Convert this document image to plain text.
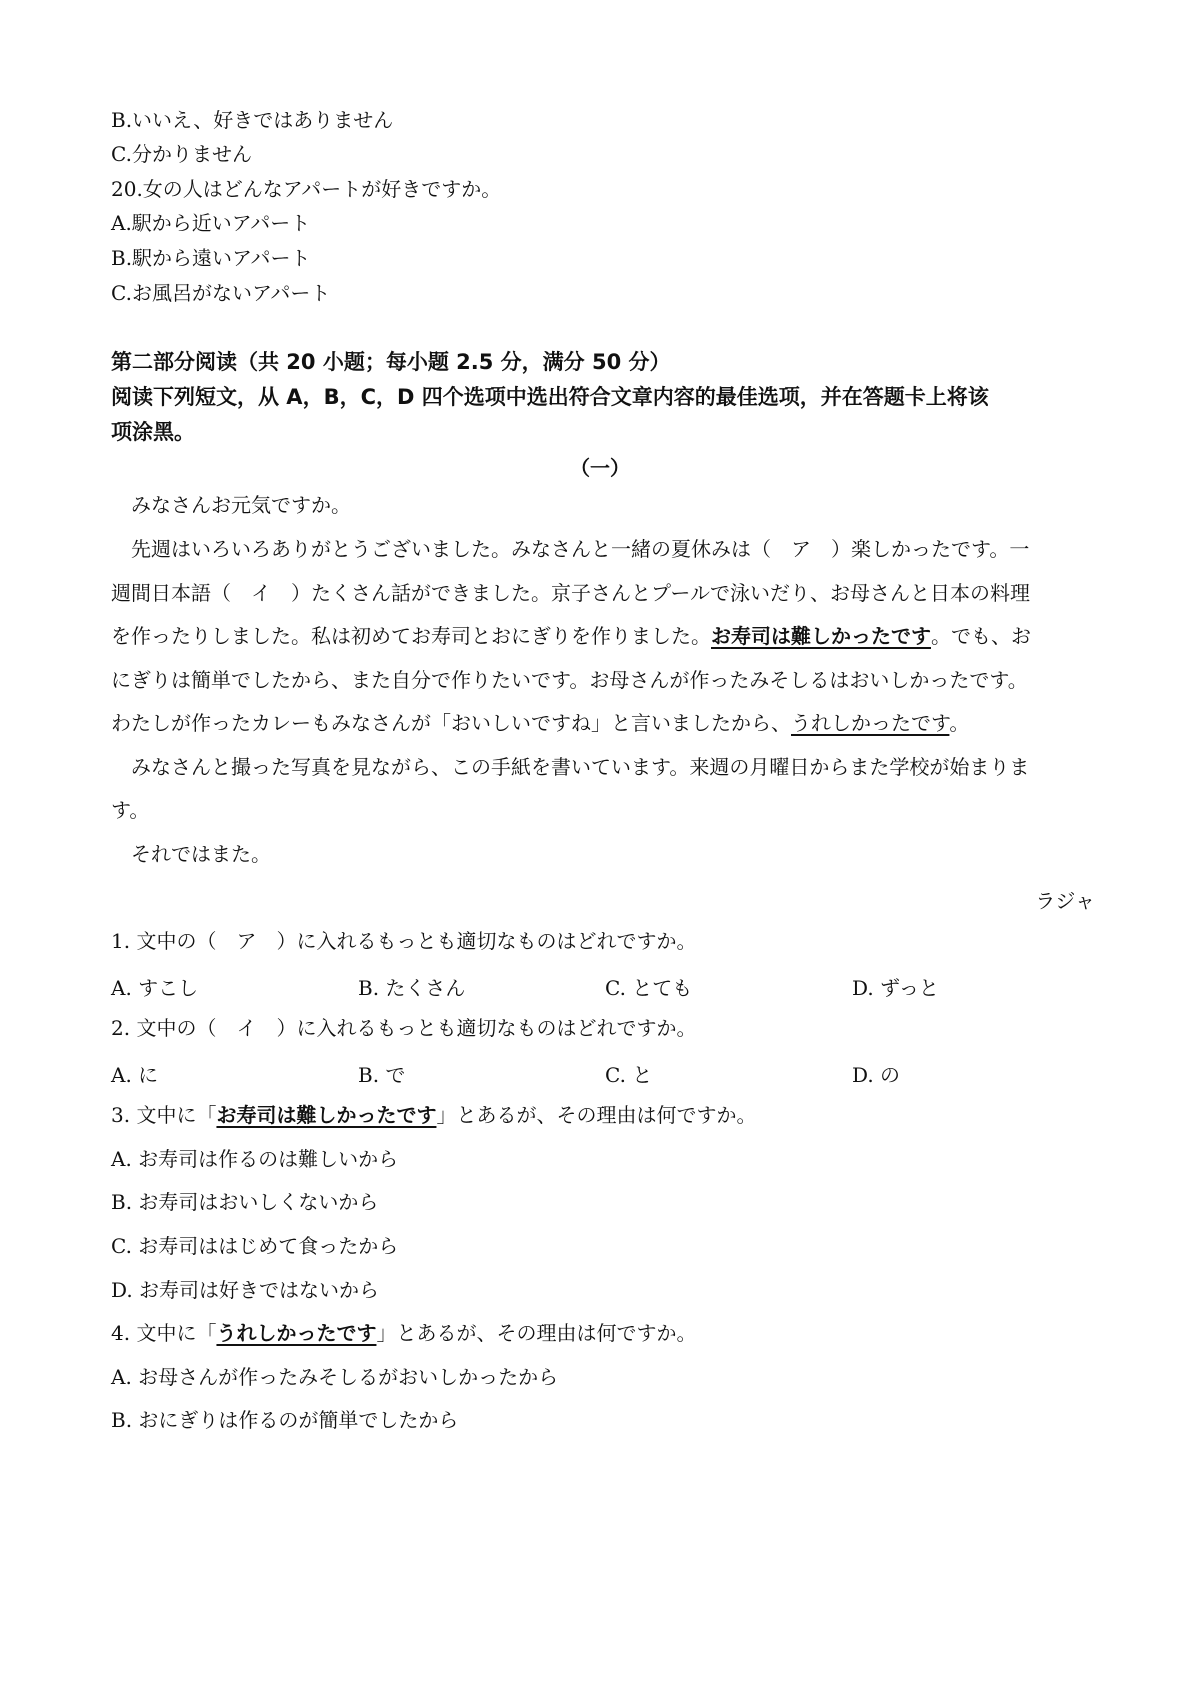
B.いいえ、好きではありません
C.分かりません
20.女の人はどんなアパートが好きですか。
A.駅から近いアパート
B.駅から遠いアパート
C.お風呂がないアパート
第二部分阅读（共 20 小题；每小题 2.5 分，满分 50 分）
阅读下列短文，从 A，B，C，D 四个选项中选出符合文章内容的最佳选项，并在答题卡上将该
项涂黑。
（一）
みなさんお元気ですか。
先週はいろいろありがとうございました。みなさんと一緒の夏休みは（　ア　）楽しかったです。一
週間日本語（　イ　）たくさん話ができました。京子さんとプールで泳いだり、お母さんと日本の料理
を作ったりしました。私は初めてお寿司とおにぎりを作りました。お寿司は難しかったです。でも、お
にぎりは簡単でしたから、また自分で作りたいです。お母さんが作ったみそしるはおいしかったです。
わたしが作ったカレーもみなさんが「おいしいですね」と言いましたから、うれしかったです。
みなさんと撮った写真を見ながら、この手紙を書いています。来週の月曜日からまた学校が始まりま
す。
それではまた。
ラジャ
1. 文中の（　ア　）に入れるもっとも適切なものはどれですか。
A. すこし	B. たくさん	C. とても	D. ずっと
2. 文中の（　イ　）に入れるもっとも適切なものはどれですか。
A. に	B. で	C. と	D. の
3. 文中に「お寿司は難しかったです」とあるが、その理由は何ですか。
A. お寿司は作るのは難しいから
B. お寿司はおいしくないから
C. お寿司ははじめて食ったから
D. お寿司は好きではないから
4. 文中に「うれしかったです」とあるが、その理由は何ですか。
A. お母さんが作ったみそしるがおいしかったから
B. おにぎりは作るのが簡単でしたから
